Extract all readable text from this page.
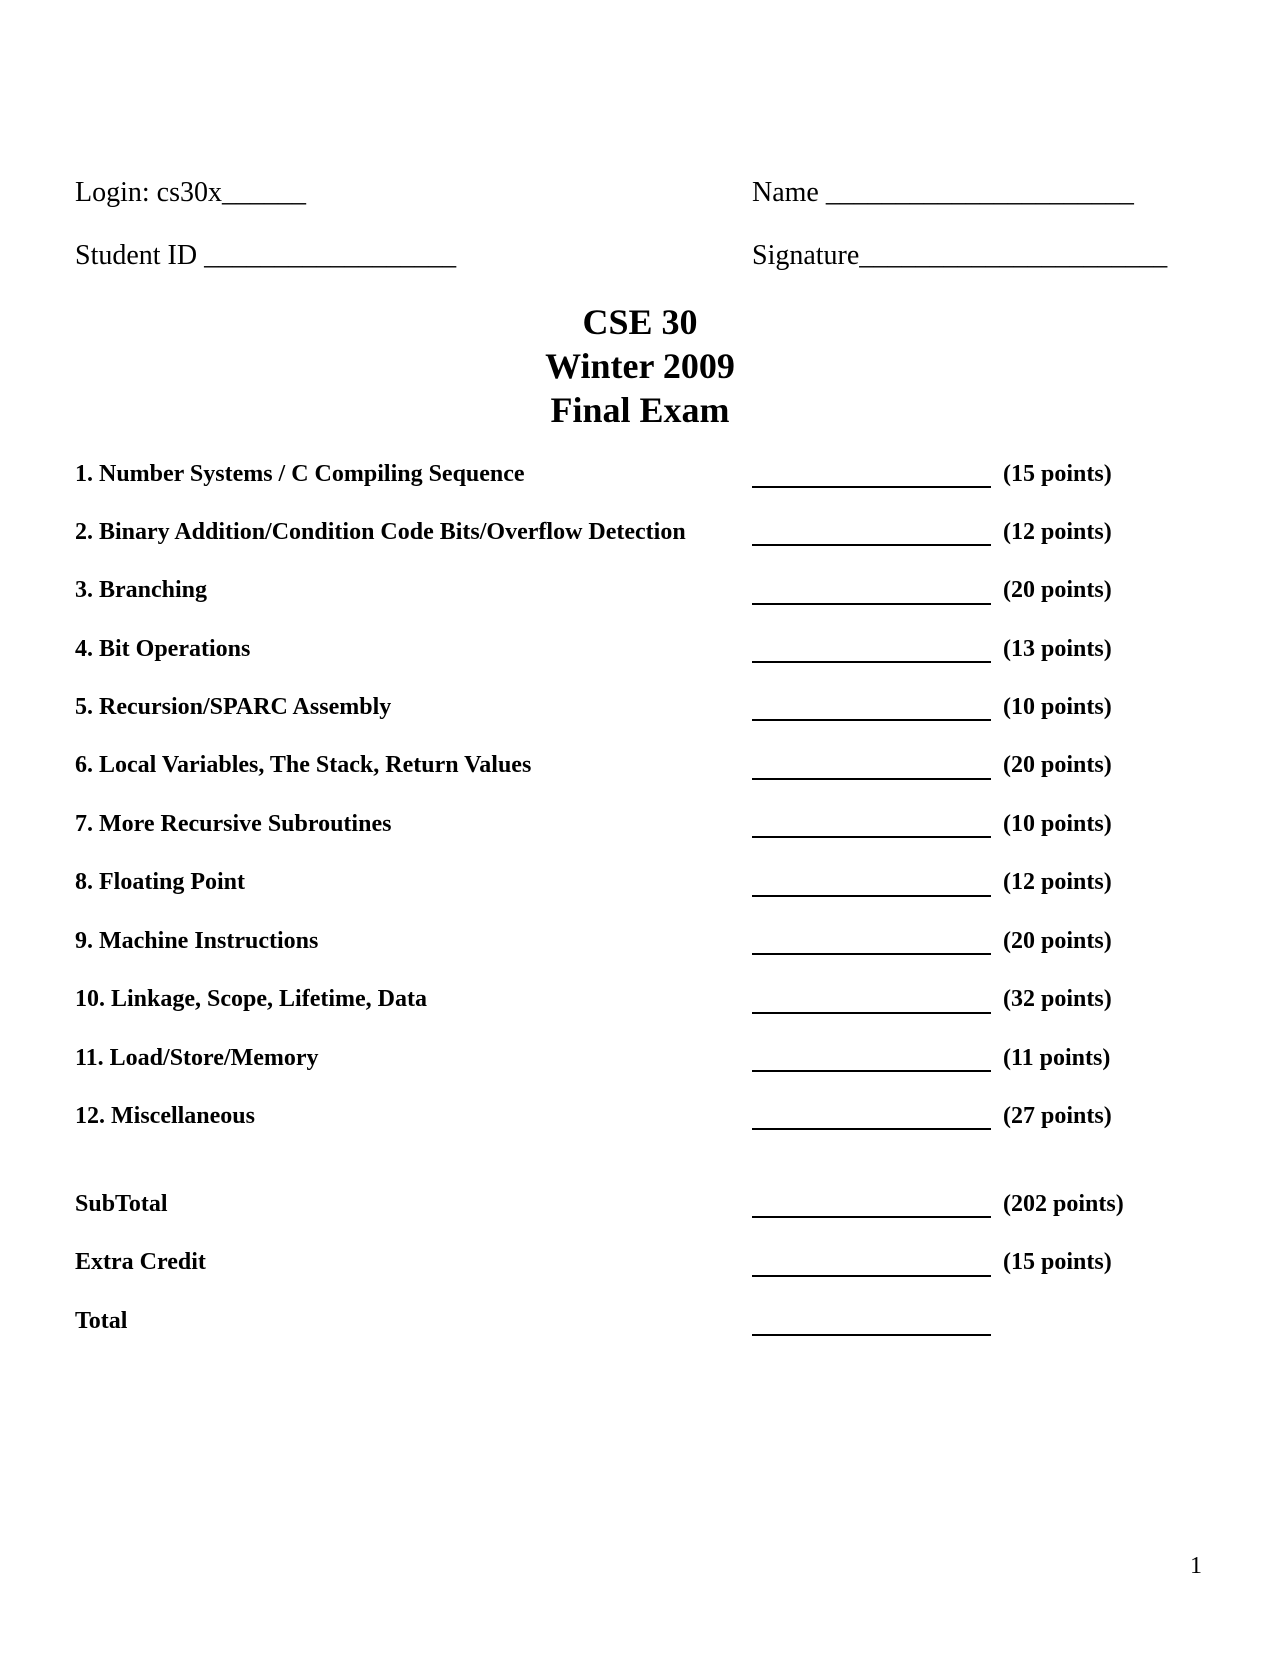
Login: cs30x______	Name ______________________
Student ID __________________	Signature______________________
CSE 30
Winter 2009
Final Exam
1. Number Systems / C Compiling Sequence	(15 points)
2. Binary Addition/Condition Code Bits/Overflow Detection	(12 points)
3. Branching	(20 points)
4. Bit Operations	(13 points)
5. Recursion/SPARC Assembly	(10 points)
6. Local Variables, The Stack, Return Values	(20 points)
7. More Recursive Subroutines	(10 points)
8. Floating Point	(12 points)
9. Machine Instructions	(20 points)
10. Linkage, Scope, Lifetime, Data	(32 points)
11. Load/Store/Memory	(11 points)
12. Miscellaneous	(27 points)
SubTotal	(202 points)
Extra Credit	(15 points)
Total
1
